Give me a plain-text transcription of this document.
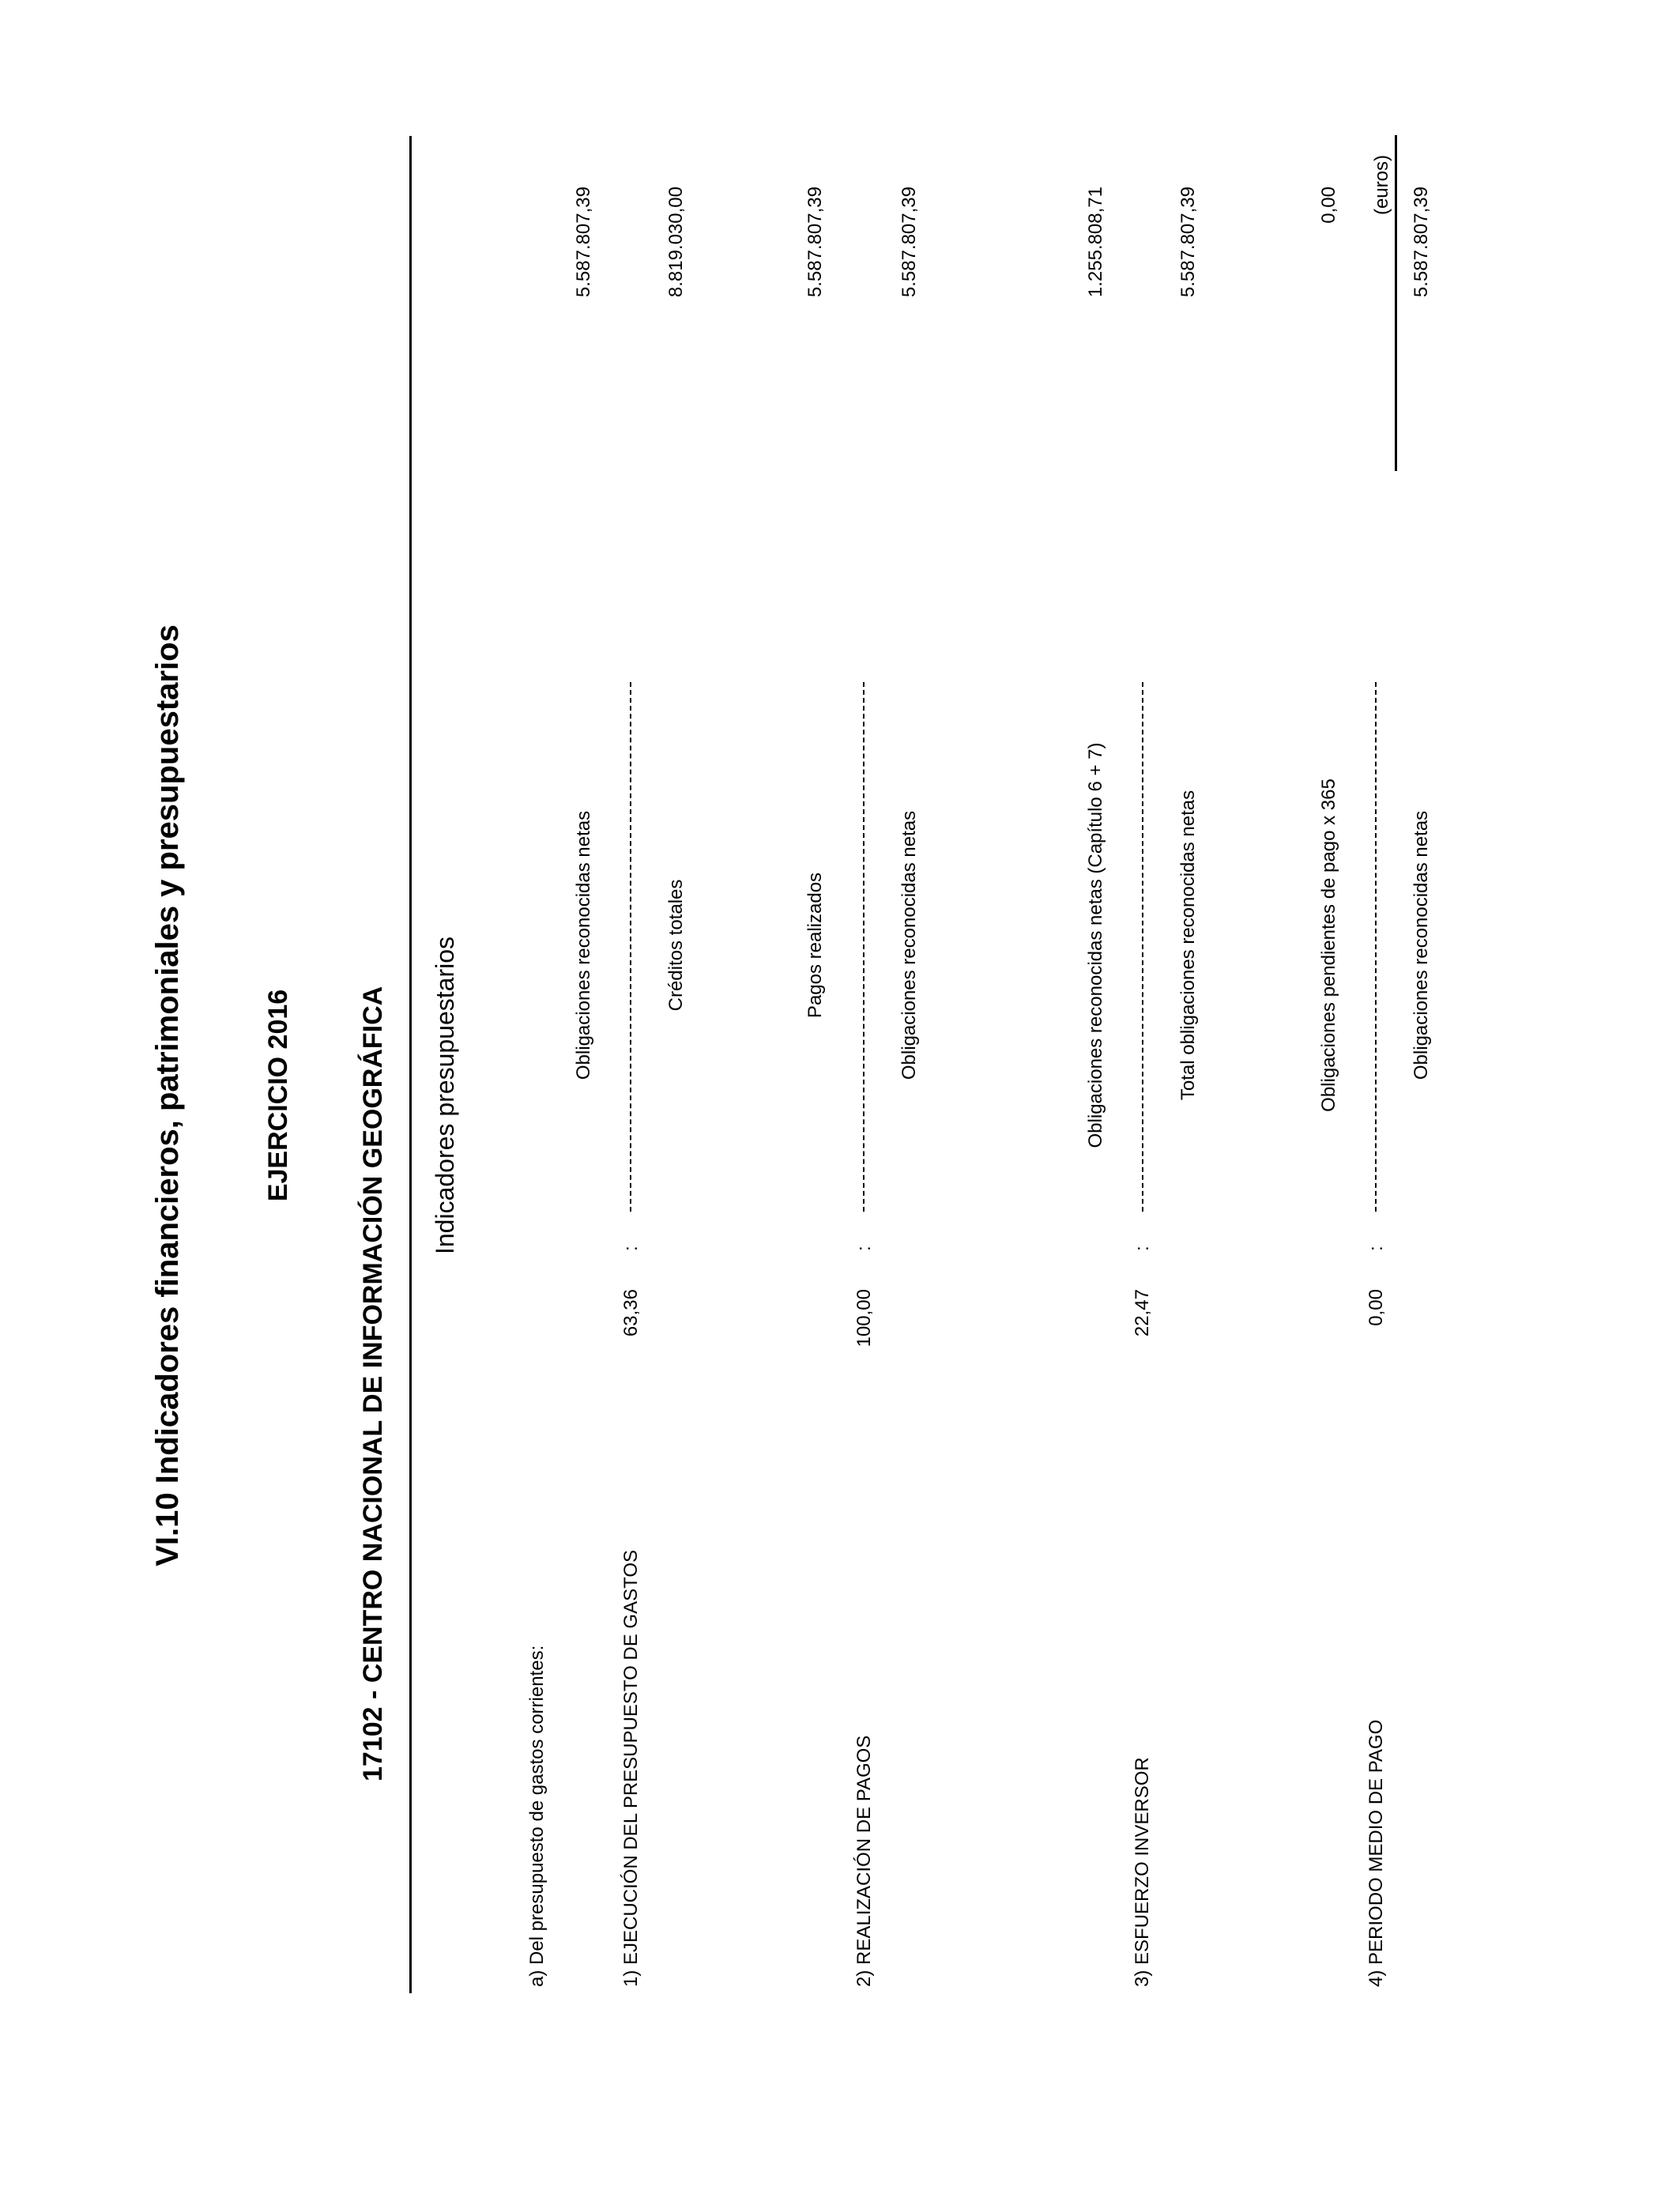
VI.10 Indicadores financieros, patrimoniales y presupuestarios	EJERCICIO 2016 17102 - CENTRO NACIONAL DE INFORMACIÓN GEOGRÁFICA
(euros)
Indicadores presupuestarios
a) Del presupuesto de gastos corrientes:	1) EJECUCIÓN DEL PRESUPUESTO DE GASTOS
63,36
:
Obligaciones reconocidas netas
5.587.807,39
Créditos totales
8.819.030,00
2) REALIZACIÓN DE PAGOS
100,00
:
Pagos realizados
5.587.807,39
Obligaciones reconocidas netas
5.587.807,39
3) ESFUERZO INVERSOR
22,47
:
Obligaciones reconocidas netas (Capítulo 6 + 7)
1.255.808,71
Total obligaciones reconocidas netas
5.587.807,39
4) PERIODO MEDIO DE PAGO
0,00
:
Obligaciones pendientes de pago x 365
0,00
Obligaciones reconocidas netas
5.587.807,39
